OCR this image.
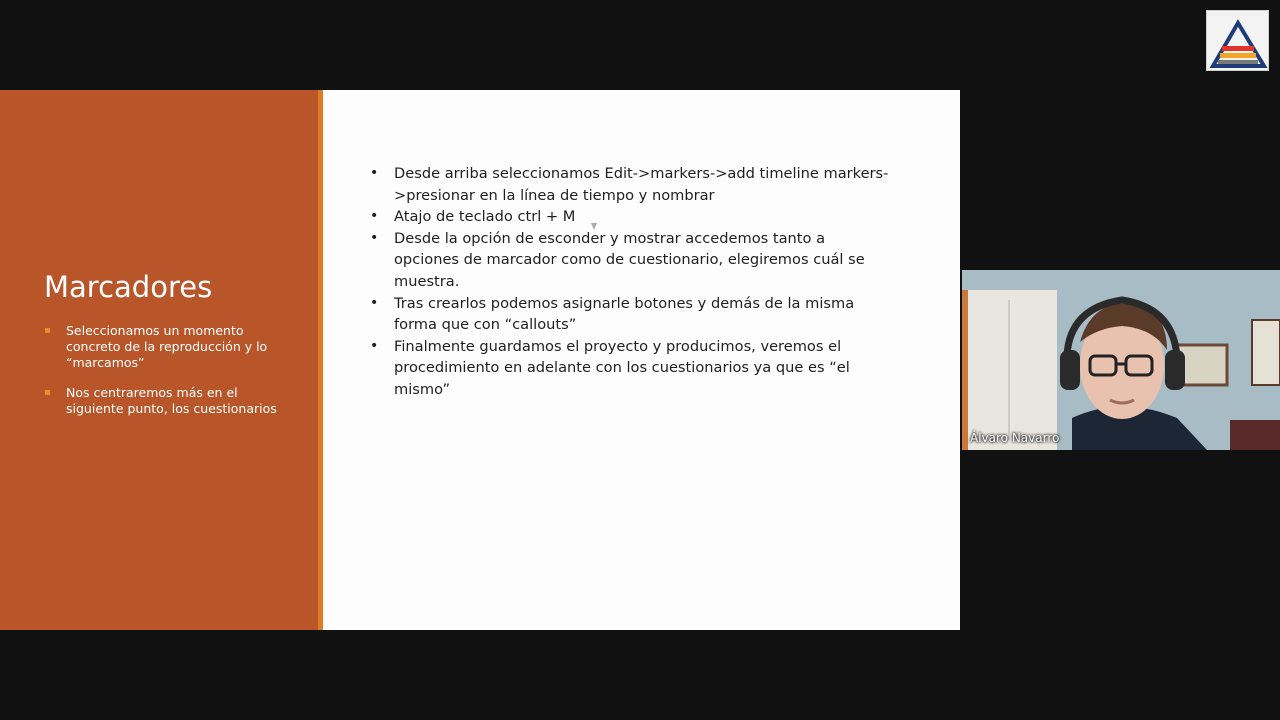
Marcadores
▪ Seleccionamos un momento concreto de la reproducción y lo “marcamos”
▪ Nos centraremos más en el siguiente punto, los cuestionarios
• Desde arriba seleccionamos Edit->markers->add timeline markers->presionar en la línea de tiempo y nombrar
• Atajo de teclado ctrl + M
• Desde la opción de esconder y mostrar accedemos tanto a opciones de marcador como de cuestionario, elegiremos cuál se muestra.
• Tras crearlos podemos asignarle botones y demás de la misma forma que con “callouts”
• Finalmente guardamos el proyecto y producimos, veremos el procedimiento en adelante con los cuestionarios ya que es “el mismo”
Álvaro Navarro
